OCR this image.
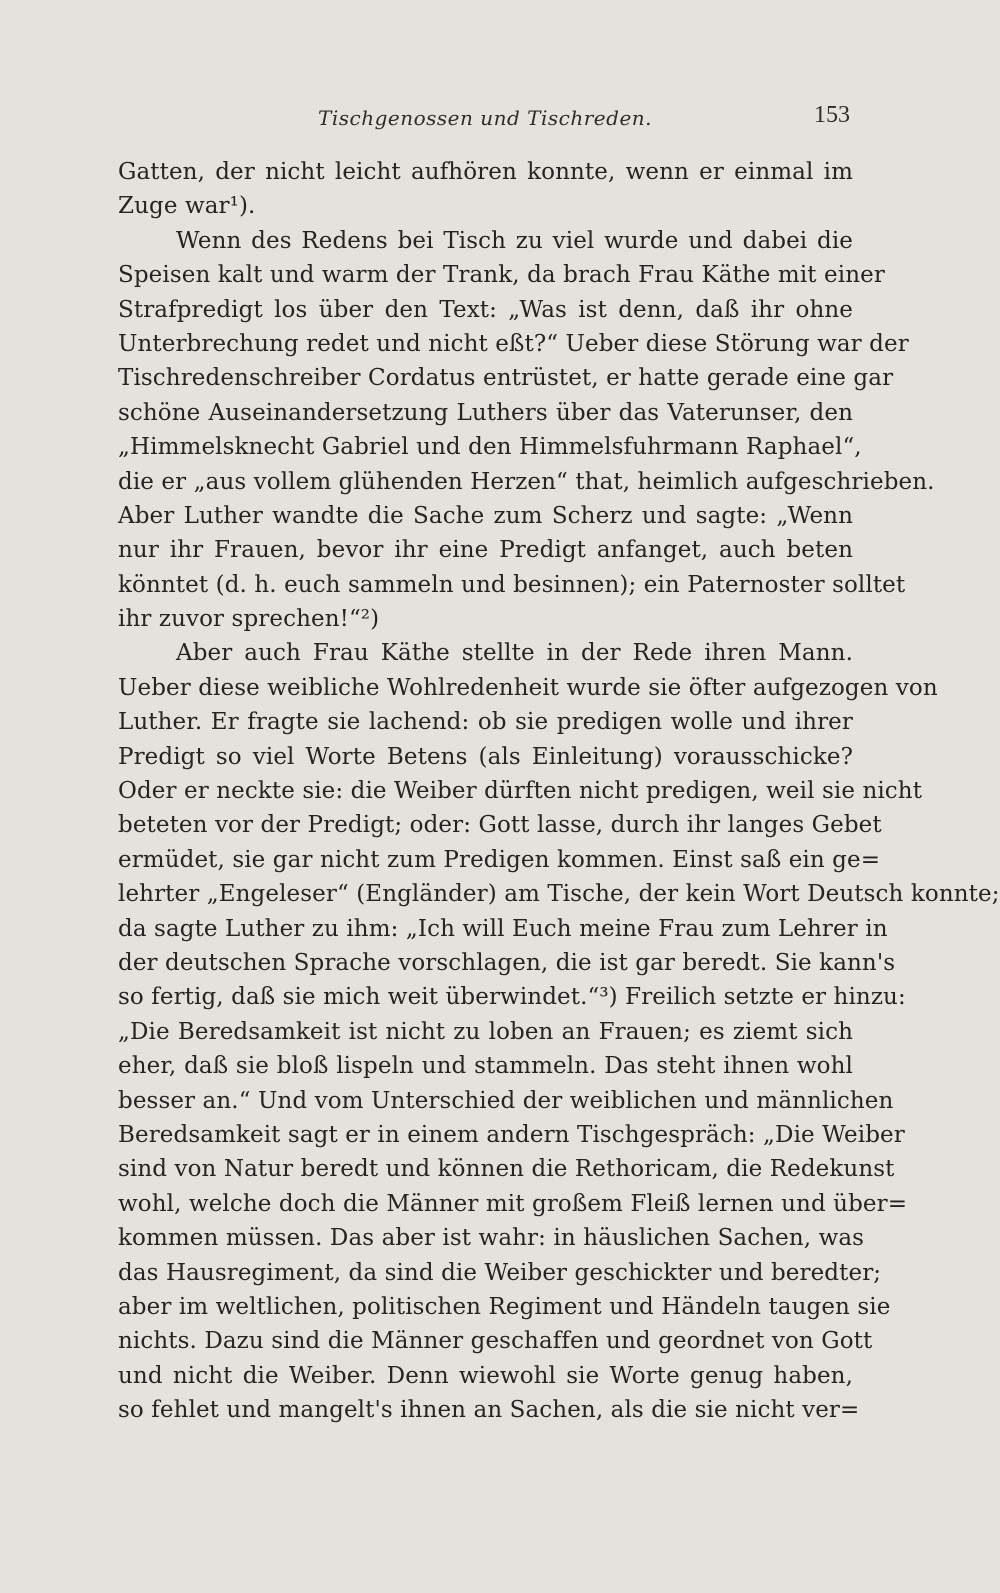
Tischgenossen und Tischreden.	153
Gatten, der nicht leicht aufhören konnte, wenn er einmal im
Zuge war¹).
Wenn des Redens bei Tisch zu viel wurde und dabei die
Speisen kalt und warm der Trank, da brach Frau Käthe mit einer
Strafpredigt los über den Text: „Was ist denn, daß ihr ohne
Unterbrechung redet und nicht eßt?“ Ueber diese Störung war der
Tischredenschreiber Cordatus entrüstet, er hatte gerade eine gar
schöne Auseinandersetzung Luthers über das Vaterunser, den
„Himmelsknecht Gabriel und den Himmelsfuhrmann Raphael“,
die er „aus vollem glühenden Herzen“ that, heimlich aufgeschrieben.
Aber Luther wandte die Sache zum Scherz und sagte: „Wenn
nur ihr Frauen, bevor ihr eine Predigt anfanget, auch beten
könntet (d. h. euch sammeln und besinnen); ein Paternoster solltet
ihr zuvor sprechen!“²)
Aber auch Frau Käthe stellte in der Rede ihren Mann.
Ueber diese weibliche Wohlredenheit wurde sie öfter aufgezogen von
Luther. Er fragte sie lachend: ob sie predigen wolle und ihrer
Predigt so viel Worte Betens (als Einleitung) vorausschicke?
Oder er neckte sie: die Weiber dürften nicht predigen, weil sie nicht
beteten vor der Predigt; oder: Gott lasse, durch ihr langes Gebet
ermüdet, sie gar nicht zum Predigen kommen. Einst saß ein ge=
lehrter „Engeleser“ (Engländer) am Tische, der kein Wort Deutsch konnte;
da sagte Luther zu ihm: „Ich will Euch meine Frau zum Lehrer in
der deutschen Sprache vorschlagen, die ist gar beredt. Sie kann's
so fertig, daß sie mich weit überwindet.“³) Freilich setzte er hinzu:
„Die Beredsamkeit ist nicht zu loben an Frauen; es ziemt sich
eher, daß sie bloß lispeln und stammeln. Das steht ihnen wohl
besser an.“ Und vom Unterschied der weiblichen und männlichen
Beredsamkeit sagt er in einem andern Tischgespräch: „Die Weiber
sind von Natur beredt und können die Rethoricam, die Redekunst
wohl, welche doch die Männer mit großem Fleiß lernen und über=
kommen müssen. Das aber ist wahr: in häuslichen Sachen, was
das Hausregiment, da sind die Weiber geschickter und beredter;
aber im weltlichen, politischen Regiment und Händeln taugen sie
nichts. Dazu sind die Männer geschaffen und geordnet von Gott
und nicht die Weiber. Denn wiewohl sie Worte genug haben,
so fehlet und mangelt's ihnen an Sachen, als die sie nicht ver=
